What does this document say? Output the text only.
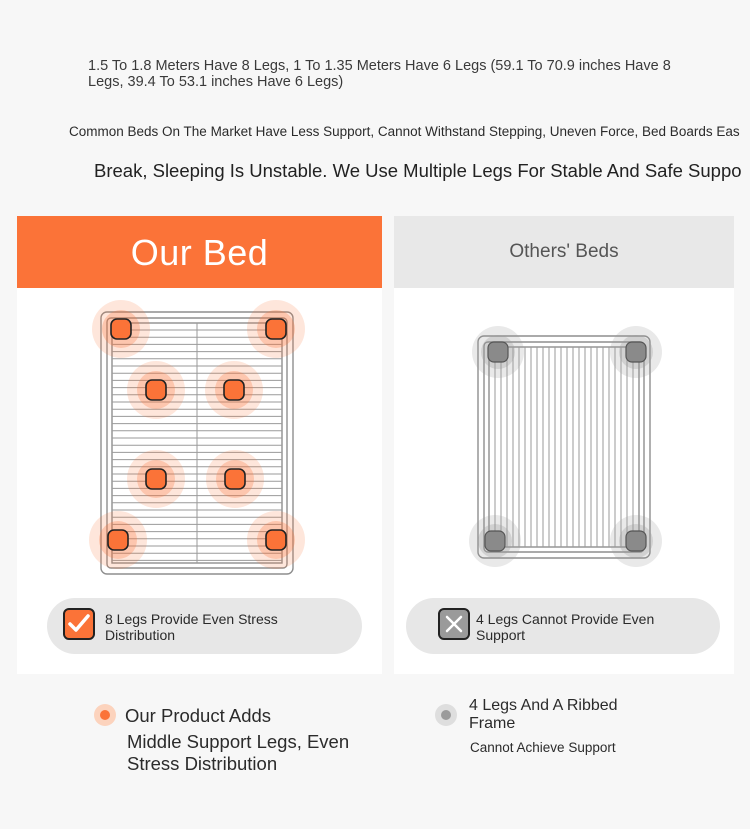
1.5 To 1.8 Meters Have 8 Legs, 1 To 1.35 Meters Have 6 Legs (59.1 To 70.9 inches Have 8 Legs, 39.4 To 53.1 inches Have 6 Legs)
Common Beds On The Market Have Less Support, Cannot Withstand Stepping, Uneven Force, Bed Boards Eas
Break, Sleeping Is Unstable. We Use Multiple Legs For Stable And Safe Suppo
Our Bed
8 Legs Provide Even Stress Distribution
Others' Beds
4 Legs Cannot Provide Even Support
Our Product Adds
Middle Support Legs, Even Stress Distribution
4 Legs And A Ribbed Frame
Cannot Achieve Support
